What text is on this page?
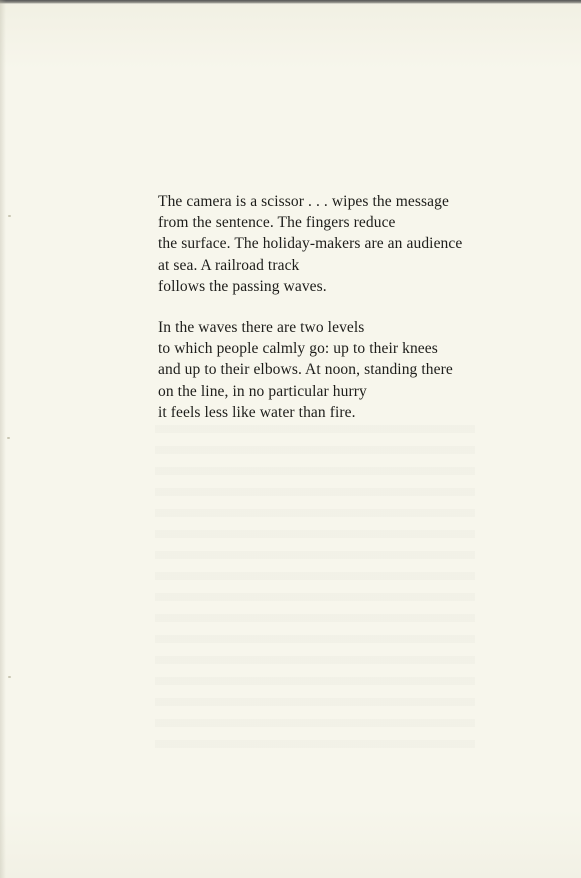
The camera is a scissor . . . wipes the message
from the sentence. The fingers reduce
the surface. The holiday-makers are an audience
at sea. A railroad track
follows the passing waves.
In the waves there are two levels
to which people calmly go: up to their knees
and up to their elbows. At noon, standing there
on the line, in no particular hurry
it feels less like water than fire.
